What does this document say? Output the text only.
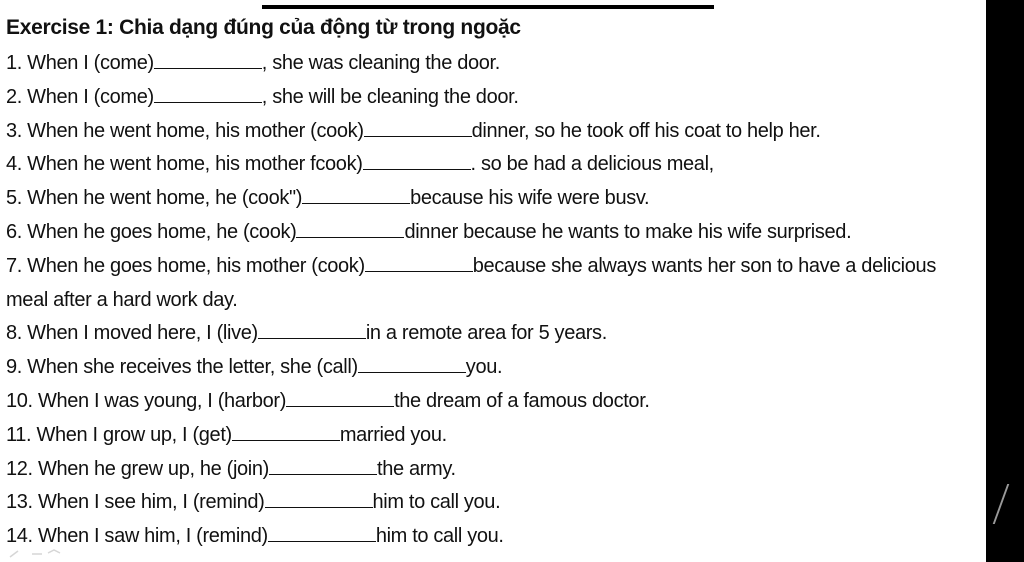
Exercise 1: Chia dạng đúng của động từ trong ngoặc
1. When I (come)	, she was cleaning the door.
2. When I (come)	, she will be cleaning the door.
3. When he went home, his mother (cook)	dinner, so he took off his coat to help her.
4. When he went home, his mother fcook)	. so be had a delicious meal,
5. When he went home, he (cook")	because his wife were busv.
6. When he goes home, he (cook)	dinner because he wants to make his wife surprised.
7. When he goes home, his mother (cook)	because she always wants her son to have a delicious meal after a hard work day.
8. When I moved here, I (live)	in a remote area for 5 years.
9. When she receives the letter, she (call)	you.
10. When I was young, I (harbor)	the dream of a famous doctor.
11. When I grow up, I (get)	married you.
12. When he grew up, he (join)	the army.
13. When I see him, I (remind)	him to call you.
14. When I saw him, I (remind)	him to call you.
